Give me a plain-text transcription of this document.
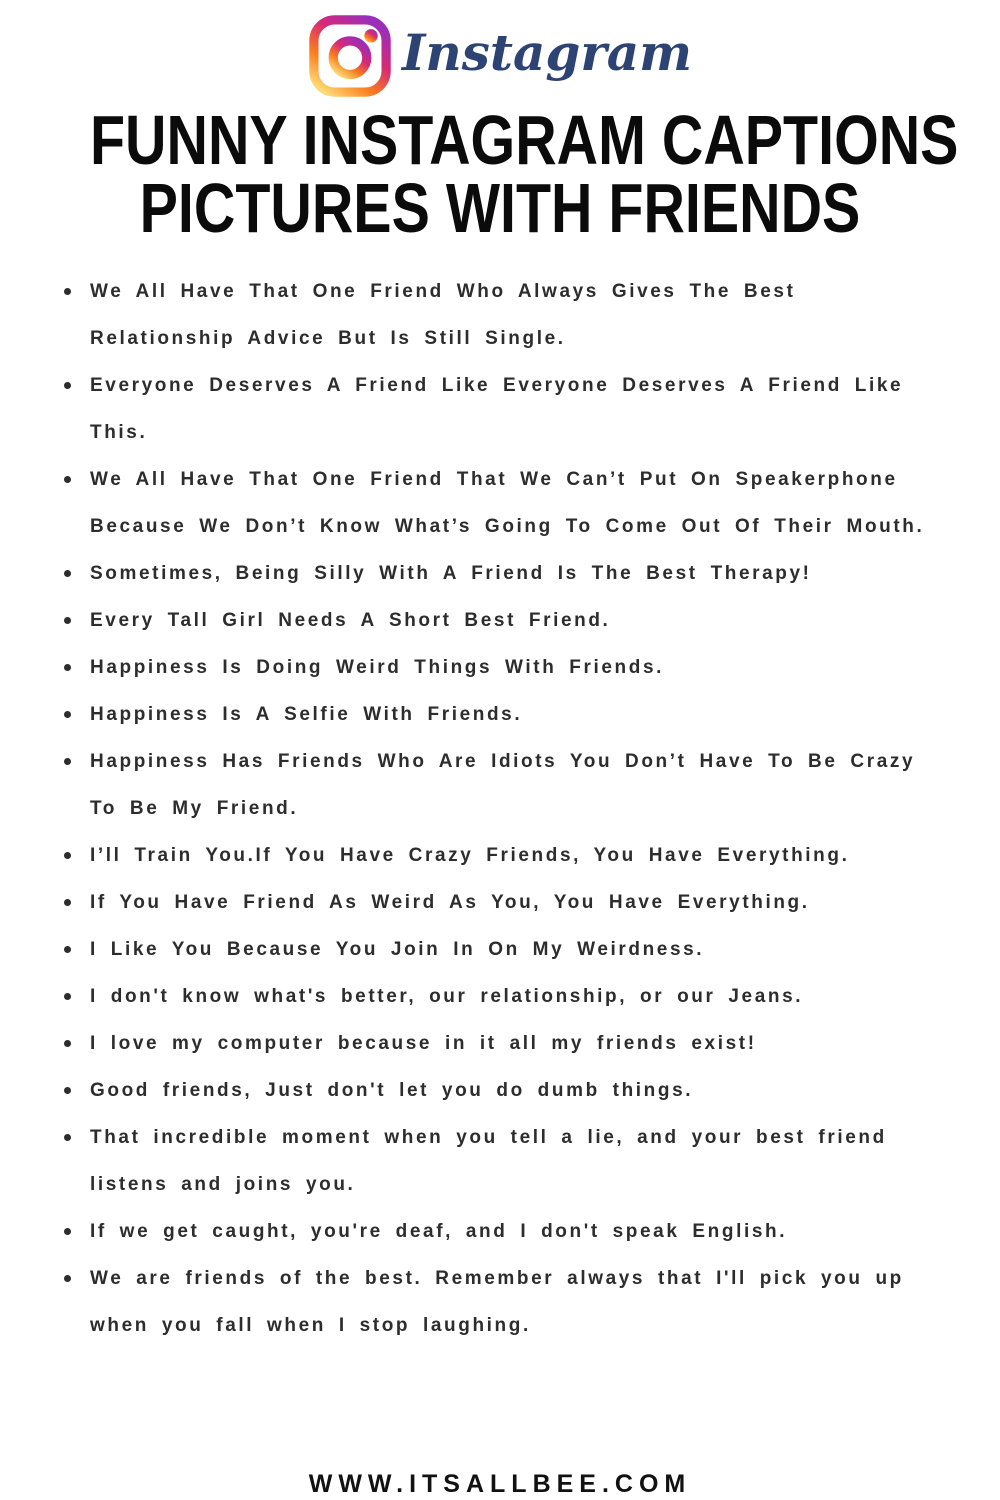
Instagram
FUNNY INSTAGRAM CAPTIONS
PICTURES WITH FRIENDS
We All Have That One Friend Who Always Gives The Best Relationship Advice But Is Still Single.
Everyone Deserves A Friend Like Everyone Deserves A Friend Like This.
We All Have That One Friend That We Can’t Put On Speakerphone Because We Don’t Know What’s Going To Come Out Of Their Mouth.
Sometimes, Being Silly With A Friend Is The Best Therapy!
Every Tall Girl Needs A Short Best Friend.
Happiness Is Doing Weird Things With Friends.
Happiness Is A Selfie With Friends.
Happiness Has Friends Who Are Idiots You Don’t Have To Be Crazy To Be My Friend.
I’ll Train You.If You Have Crazy Friends, You Have Everything.
If You Have Friend As Weird As You, You Have Everything.
I Like You Because You Join In On My Weirdness.
I don't know what's better, our relationship, or our Jeans.
I love my computer because in it all my friends exist!
Good friends, Just don't let you do dumb things.
That incredible moment when you tell a lie, and your best friend listens and joins you.
If we get caught, you're deaf, and I don't speak English.
We are friends of the best. Remember always that I'll pick you up when you fall when I stop laughing.
WWW.ITSALLBEE.COM
